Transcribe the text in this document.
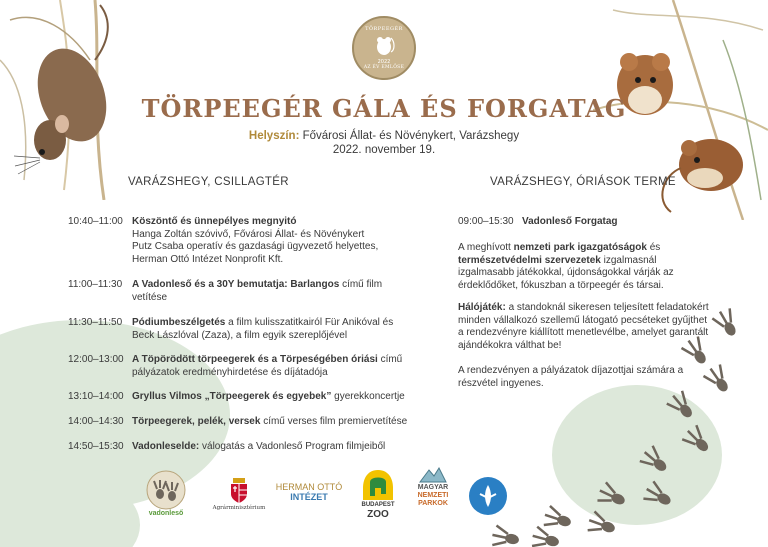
TÖRPEEGÉR
2022
AZ ÉV EMLŐSE
TÖRPEEGÉR GÁLA ÉS FORGATAG
Helyszín: Fővárosi Állat- és Növénykert, Varázshegy
2022. november 19.
VARÁZSHEGY, CSILLAGTÉR	VARÁZSHEGY, ÓRIÁSOK TERME
10:40–11:00 Köszöntő és ünnepélyes megnyitó
Hanga Zoltán szóvivő, Fővárosi Állat- és Növénykert
Putz Csaba operatív és gazdasági ügyvezető helyettes,
Herman Ottó Intézet Nonprofit Kft.
11:00–11:30 A Vadonleső és a 30Y bemutatja: Barlangos című film
vetítése
11:30–11:50 Pódiumbeszélgetés a film kulisszatitkairól Für Anikóval és
Beck Lászlóval (Zaza), a film egyik szereplőjével
12:00–13:00 A Töpörödött törpeegerek és a Törpeségében óriási című
pályázatok eredményhirdetése és díjátadója
13:10–14:00 Gryllus Vilmos „Törpeegerek és egyebek” gyerekkoncertje
14:00–14:30 Törpeegerek, pelék, versek című verses film premiervetítése
14:50–15:30 Vadonleselde: válogatás a Vadonleső Program filmjeiből
09:00–15:30 Vadonleső Forgatag
A meghívott nemzeti park igazgatóságok és természetvédelmi szervezetek izgalmasnál izgalmasabb játékokkal, újdonságokkal várják az érdeklődőket, fókuszban a törpeegér és társai.
Hálójáték: a standoknál sikeresen teljesített feladatokért minden vállalkozó szellemű látogató pecséteket gyűjthet a rendezvényre kiállított menetlevélbe, amelyet garantált ajándékokra válthat be!
A rendezvényen a pályázatok díjazottjai számára a részvétel ingyenes.
vadonleső
Agrárminisztérium
HERMAN OTTÓ
INTÉZET
BUDAPEST
ZOO
MAGYAR
NEMZETI
PARKOK
